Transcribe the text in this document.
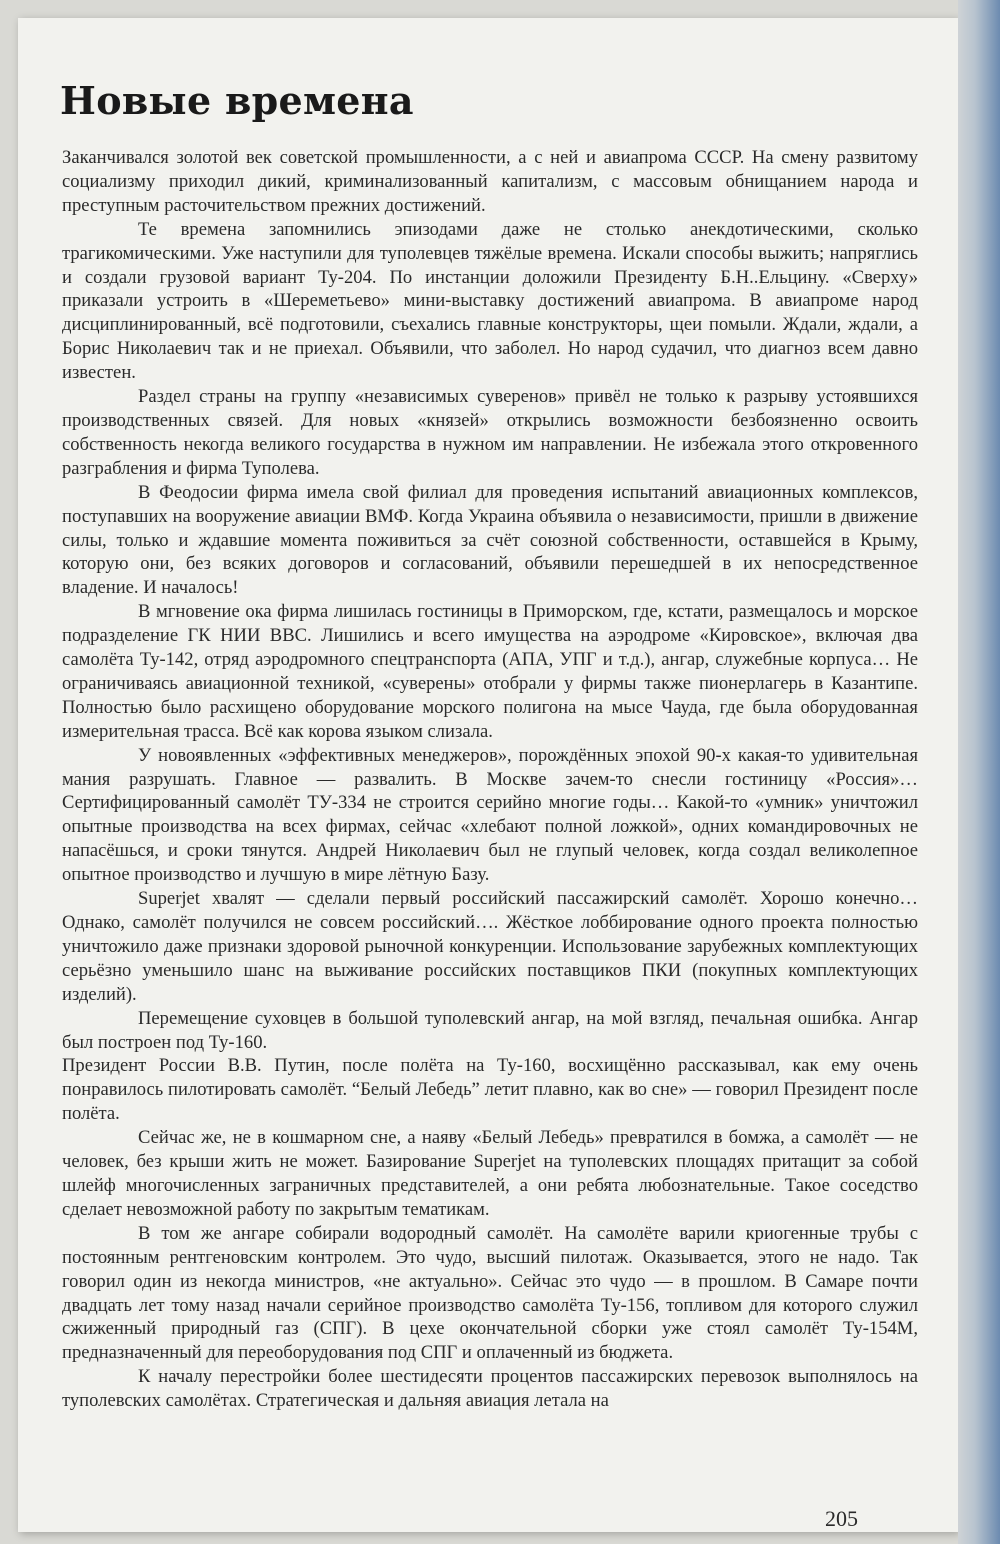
Новые времена

Заканчивался золотой век советской промышленности, а с ней и авиапрома СССР. На смену развитому социализму приходил дикий, криминализованный капитализм, с массовым обнищанием народа и преступным расточительством прежних достижений.

Те времена запомнились эпизодами даже не столько анекдотическими, сколько трагикомическими. Уже наступили для туполевцев тяжёлые времена. Искали способы выжить; напряглись и создали грузовой вариант Ту-204. По инстанции доложили Президенту Б.Н..Ельцину. «Сверху» приказали устроить в «Шереметьево» мини-выставку достижений авиапрома. В авиапроме народ дисциплинированный, всё подготовили, съехались главные конструкторы, щеи помыли. Ждали, ждали, а Борис Николаевич так и не приехал. Объявили, что заболел. Но народ судачил, что диагноз всем давно известен.

Раздел страны на группу «независимых суверенов» привёл не только к разрыву устоявшихся производственных связей. Для новых «князей» открылись возможности безбоязненно освоить собственность некогда великого государства в нужном им направлении. Не избежала этого откровенного разграбления и фирма Туполева.

В Феодосии фирма имела свой филиал для проведения испытаний авиационных комплексов, поступавших на вооружение авиации ВМФ. Когда Украина объявила о независимости, пришли в движение силы, только и ждавшие момента поживиться за счёт союзной собственности, оставшейся в Крыму, которую они, без всяких договоров и согласований, объявили перешедшей в их непосредственное владение. И началось!

В мгновение ока фирма лишилась гостиницы в Приморском, где, кстати, размещалось и морское подразделение ГК НИИ ВВС. Лишились и всего имущества на аэродроме «Кировское», включая два самолёта Ту-142, отряд аэродромного спецтранспорта (АПА, УПГ и т.д.), ангар, служебные корпуса… Не ограничиваясь авиационной техникой, «суверены» отобрали у фирмы также пионерлагерь в Казантипе. Полностью было расхищено оборудование морского полигона на мысе Чауда, где была оборудованная измерительная трасса. Всё как корова языком слизала.

У новоявленных «эффективных менеджеров», порождённых эпохой 90-х какая-то удивительная мания разрушать. Главное — развалить. В Москве зачем-то снесли гостиницу «Россия»… Сертифицированный самолёт ТУ-334 не строится серийно многие годы… Какой-то «умник» уничтожил опытные производства на всех фирмах, сейчас «хлебают полной ложкой», одних командировочных не напасёшься, и сроки тянутся. Андрей Николаевич был не глупый человек, когда создал великолепное опытное производство и лучшую в мире лётную Базу.

Superjet хвалят — сделали первый российский пассажирский самолёт. Хорошо конечно… Однако, самолёт получился не совсем российский…. Жёсткое лоббирование одного проекта полностью уничтожило даже признаки здоровой рыночной конкуренции. Использование зарубежных комплектующих серьёзно уменьшило шанс на выживание российских поставщиков ПКИ (покупных комплектующих изделий).

Перемещение суховцев в большой туполевский ангар, на мой взгляд, печальная ошибка. Ангар был построен под Ту-160.

Президент России В.В. Путин, после полёта на Ту-160, восхищённо рассказывал, как ему очень понравилось пилотировать самолёт. “Белый Лебедь” летит плавно, как во сне» — говорил Президент после полёта.

Сейчас же, не в кошмарном сне, а наяву «Белый Лебедь» превратился в бомжа, а самолёт — не человек, без крыши жить не может. Базирование Superjet на туполевских площадях притащит за собой шлейф многочисленных заграничных представителей, а они ребята любознательные. Такое соседство сделает невозможной работу по закрытым тематикам.

В том же ангаре собирали водородный самолёт. На самолёте варили криогенные трубы с постоянным рентгеновским контролем. Это чудо, высший пилотаж. Оказывается, этого не надо. Так говорил один из некогда министров, «не актуально». Сейчас это чудо — в прошлом. В Самаре почти двадцать лет тому назад начали серийное производство самолёта Ту-156, топливом для которого служил сжиженный природный газ (СПГ). В цехе окончательной сборки уже стоял самолёт Ту-154М, предназначенный для переоборудования под СПГ и оплаченный из бюджета.

К началу перестройки более шестидесяти процентов пассажирских перевозок выполнялось на туполевских самолётах. Стратегическая и дальняя авиация летала на

205
